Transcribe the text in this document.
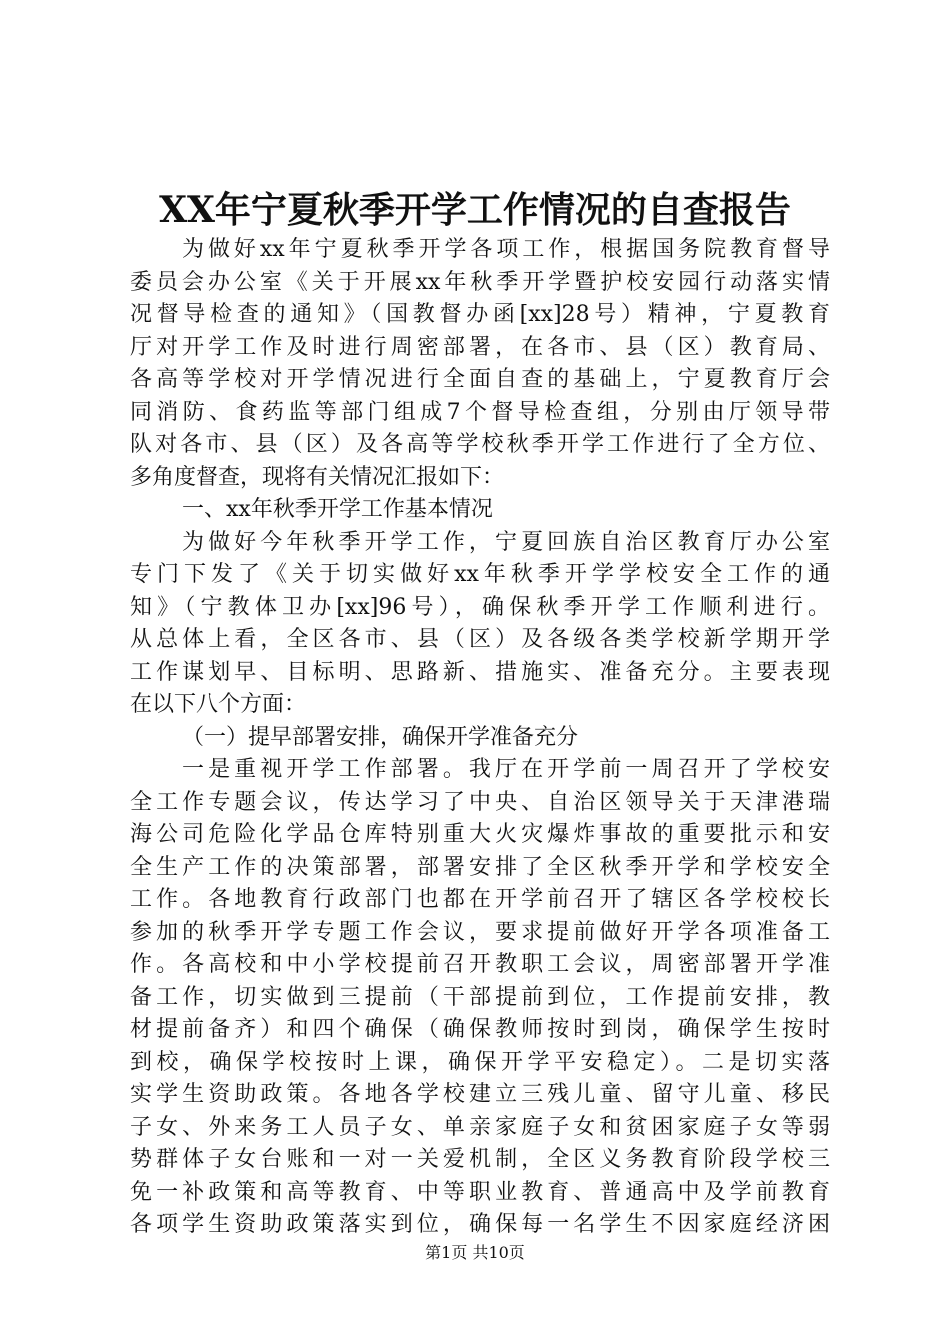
XX年宁夏秋季开学工作情况的自查报告
为做好xx年宁夏秋季开学各项工作，根据国务院教育督导
委员会办公室《关于开展xx年秋季开学暨护校安园行动落实情
况督导检查的通知》（国教督办函[xx]28号）精神，宁夏教育
厅对开学工作及时进行周密部署，在各市、县（区）教育局、
各高等学校对开学情况进行全面自查的基础上，宁夏教育厅会
同消防、食药监等部门组成7个督导检查组，分别由厅领导带
队对各市、县（区）及各高等学校秋季开学工作进行了全方位、
多角度督查，现将有关情况汇报如下：
一、xx年秋季开学工作基本情况
为做好今年秋季开学工作，宁夏回族自治区教育厅办公室
专门下发了《关于切实做好xx年秋季开学学校安全工作的通
知》（宁教体卫办[xx]96号），确保秋季开学工作顺利进行。
从总体上看，全区各市、县（区）及各级各类学校新学期开学
工作谋划早、目标明、思路新、措施实、准备充分。主要表现
在以下八个方面：
（一）提早部署安排，确保开学准备充分
一是重视开学工作部署。我厅在开学前一周召开了学校安
全工作专题会议，传达学习了中央、自治区领导关于天津港瑞
海公司危险化学品仓库特别重大火灾爆炸事故的重要批示和安
全生产工作的决策部署，部署安排了全区秋季开学和学校安全
工作。各地教育行政部门也都在开学前召开了辖区各学校校长
参加的秋季开学专题工作会议，要求提前做好开学各项准备工
作。各高校和中小学校提前召开教职工会议，周密部署开学准
备工作，切实做到三提前（干部提前到位，工作提前安排，教
材提前备齐）和四个确保（确保教师按时到岗，确保学生按时
到校，确保学校按时上课，确保开学平安稳定）。二是切实落
实学生资助政策。各地各学校建立三残儿童、留守儿童、移民
子女、外来务工人员子女、单亲家庭子女和贫困家庭子女等弱
势群体子女台账和一对一关爱机制，全区义务教育阶段学校三
免一补政策和高等教育、中等职业教育、普通高中及学前教育
各项学生资助政策落实到位，确保每一名学生不因家庭经济困
第1页 共10页
